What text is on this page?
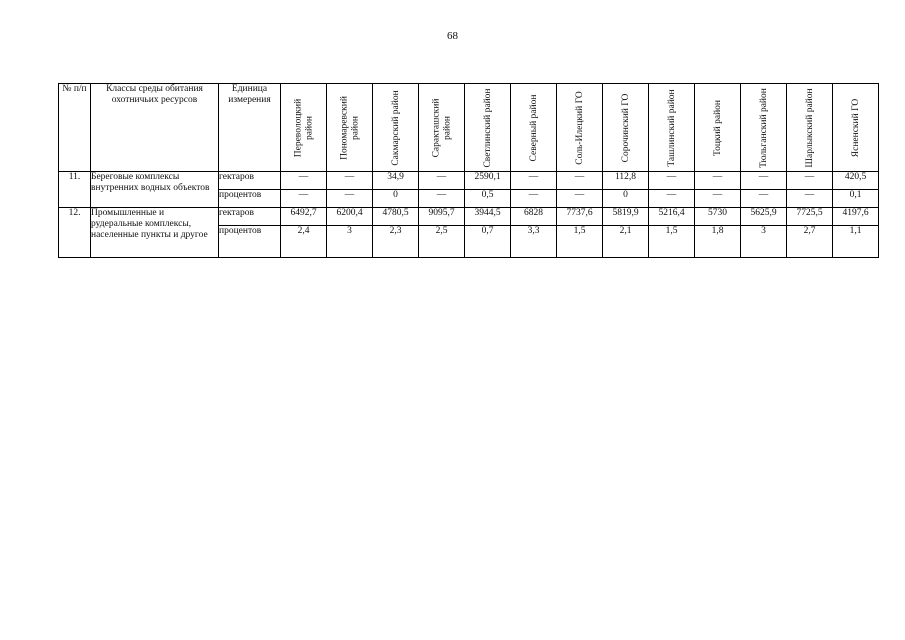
68
№ п/п	Классы среды обитания охотничьих ресурсов	Единица измерения	Переволоцкий район	Пономаревский район	Сакмарский район	Саракташский район	Светлинский район	Северный район	Соль-Илецкий ГО	Сорочинский ГО	Ташлинский район	Тоцкий район	Тюльганский район	Шарлыкский район	Ясненский ГО

11.	Береговые комплексы внутренних водных объектов	гектаров	—	—	34,9	—	2590,1	—	—	112,8	—	—	—	—	420,5
		процентов	—	—	0	—	0,5	—	—	0	—	—	—	—	0,1
12.	Промышленные и рудеральные комплексы, населенные пункты и другое	гектаров	6492,7	6200,4	4780,5	9095,7	3944,5	6828	7737,6	5819,9	5216,4	5730	5625,9	7725,5	4197,6
		процентов	2,4	3	2,3	2,5	0,7	3,3	1,5	2,1	1,5	1,8	3	2,7	1,1
